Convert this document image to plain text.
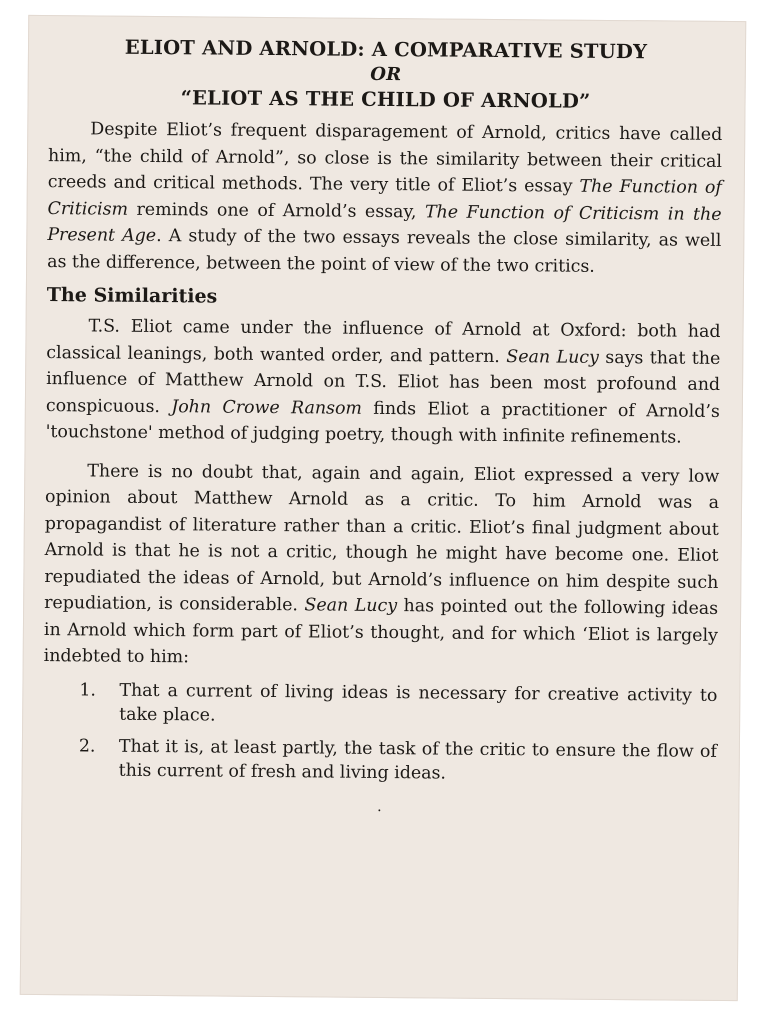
ELIOT AND ARNOLD: A COMPARATIVE STUDY
OR
“ELIOT AS THE CHILD OF ARNOLD”

Despite Eliot’s frequent disparagement of Arnold, critics have called him, “the child of Arnold”, so close is the similarity between their critical creeds and critical methods. The very title of Eliot’s essay The Function of Criticism reminds one of Arnold’s essay, The Function of Criticism in the Present Age. A study of the two essays reveals the close similarity, as well as the difference, between the point of view of the two critics.

The Similarities

T.S. Eliot came under the influence of Arnold at Oxford: both had classical leanings, both wanted order, and pattern. Sean Lucy says that the influence of Matthew Arnold on T.S. Eliot has been most profound and conspicuous. John Crowe Ransom finds Eliot a practitioner of Arnold’s 'touchstone' method of judging poetry, though with infinite refinements.

There is no doubt that, again and again, Eliot expressed a very low opinion about Matthew Arnold as a critic. To him Arnold was a propagandist of literature rather than a critic. Eliot’s final judgment about Arnold is that he is not a critic, though he might have become one. Eliot repudiated the ideas of Arnold, but Arnold’s influence on him despite such repudiation, is considerable. Sean Lucy has pointed out the following ideas in Arnold which form part of Eliot’s thought, and for which ‘Eliot is largely indebted to him:

1. That a current of living ideas is necessary for creative activity to take place.
2. That it is, at least partly, the task of the critic to ensure the flow of this current of fresh and living ideas.
.
